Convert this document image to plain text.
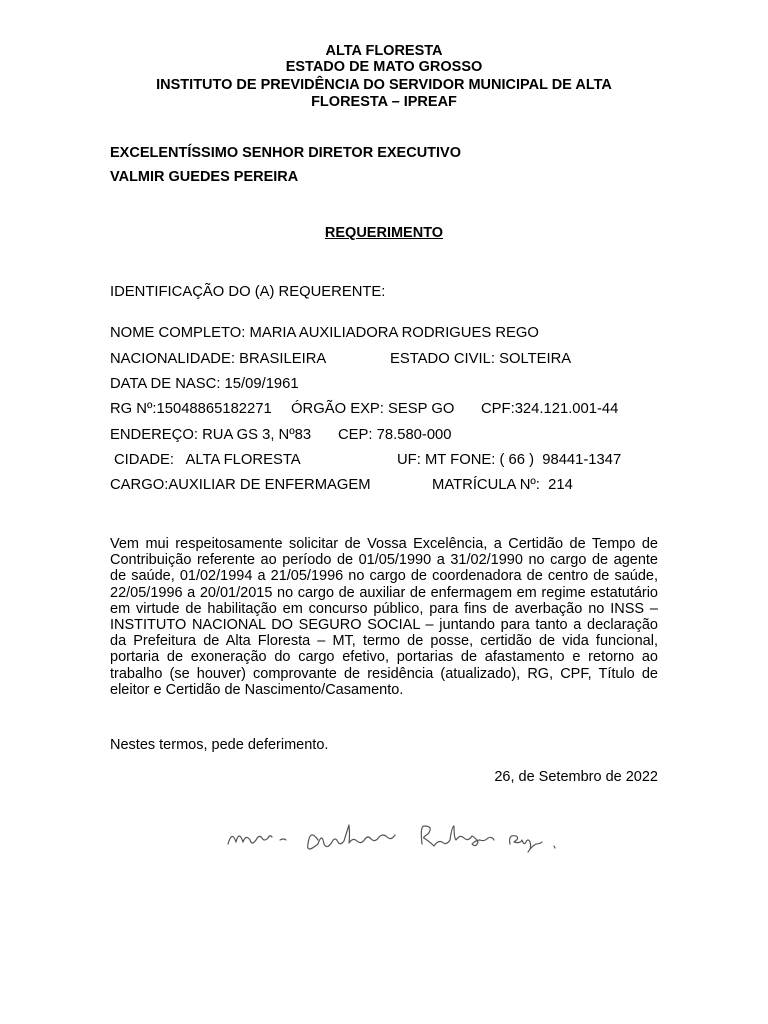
ALTA FLORESTA

ESTADO DE MATO GROSSO

INSTITUTO DE PREVIDÊNCIA DO SERVIDOR MUNICIPAL DE ALTA

FLORESTA – IPREAF

EXCELENTÍSSIMO SENHOR DIRETOR EXECUTIVO

VALMIR GUEDES PEREIRA

REQUERIMENTO
IDENTIFICAÇÃO DO (A) REQUERENTE:
NOME COMPLETO: MARIA AUXILIADORA RODRIGUES REGO
NACIONALIDADE: BRASILEIRA	ESTADO CIVIL: SOLTEIRA
DATA DE NASC: 15/09/1961
RG Nº:15048865182271 ÓRGÃO EXP: SESP GO CPF:324.121.001-44
ENDEREÇO: RUA GS 3, Nº83 CEP: 78.580-000
CIDADE:   ALTA FLORESTA	UF: MT FONE: ( 66 )  98441-1347
CARGO:AUXILIAR DE ENFERMAGEM	MATRÍCULA Nº:  214

Vem mui respeitosamente solicitar de Vossa Excelência, a Certidão de Tempo de Contribuição referente ao período de 01/05/1990 a 31/02/1990 no cargo de agente de saúde, 01/02/1994 a 21/05/1996 no cargo de coordenadora de centro de saúde, 22/05/1996 a 20/01/2015 no cargo de auxiliar de enfermagem em regime estatutário em virtude de habilitação em concurso público, para fins de averbação no INSS – INSTITUTO NACIONAL DO SEGURO SOCIAL – juntando para tanto a declaração da Prefeitura de Alta Floresta – MT, termo de posse, certidão de vida funcional, portaria de exoneração do cargo efetivo, portarias de afastamento e retorno ao trabalho (se houver) comprovante de residência (atualizado), RG, CPF, Título de eleitor e Certidão de Nascimento/Casamento.

Nestes termos, pede deferimento.
26, de Setembro de 2022
